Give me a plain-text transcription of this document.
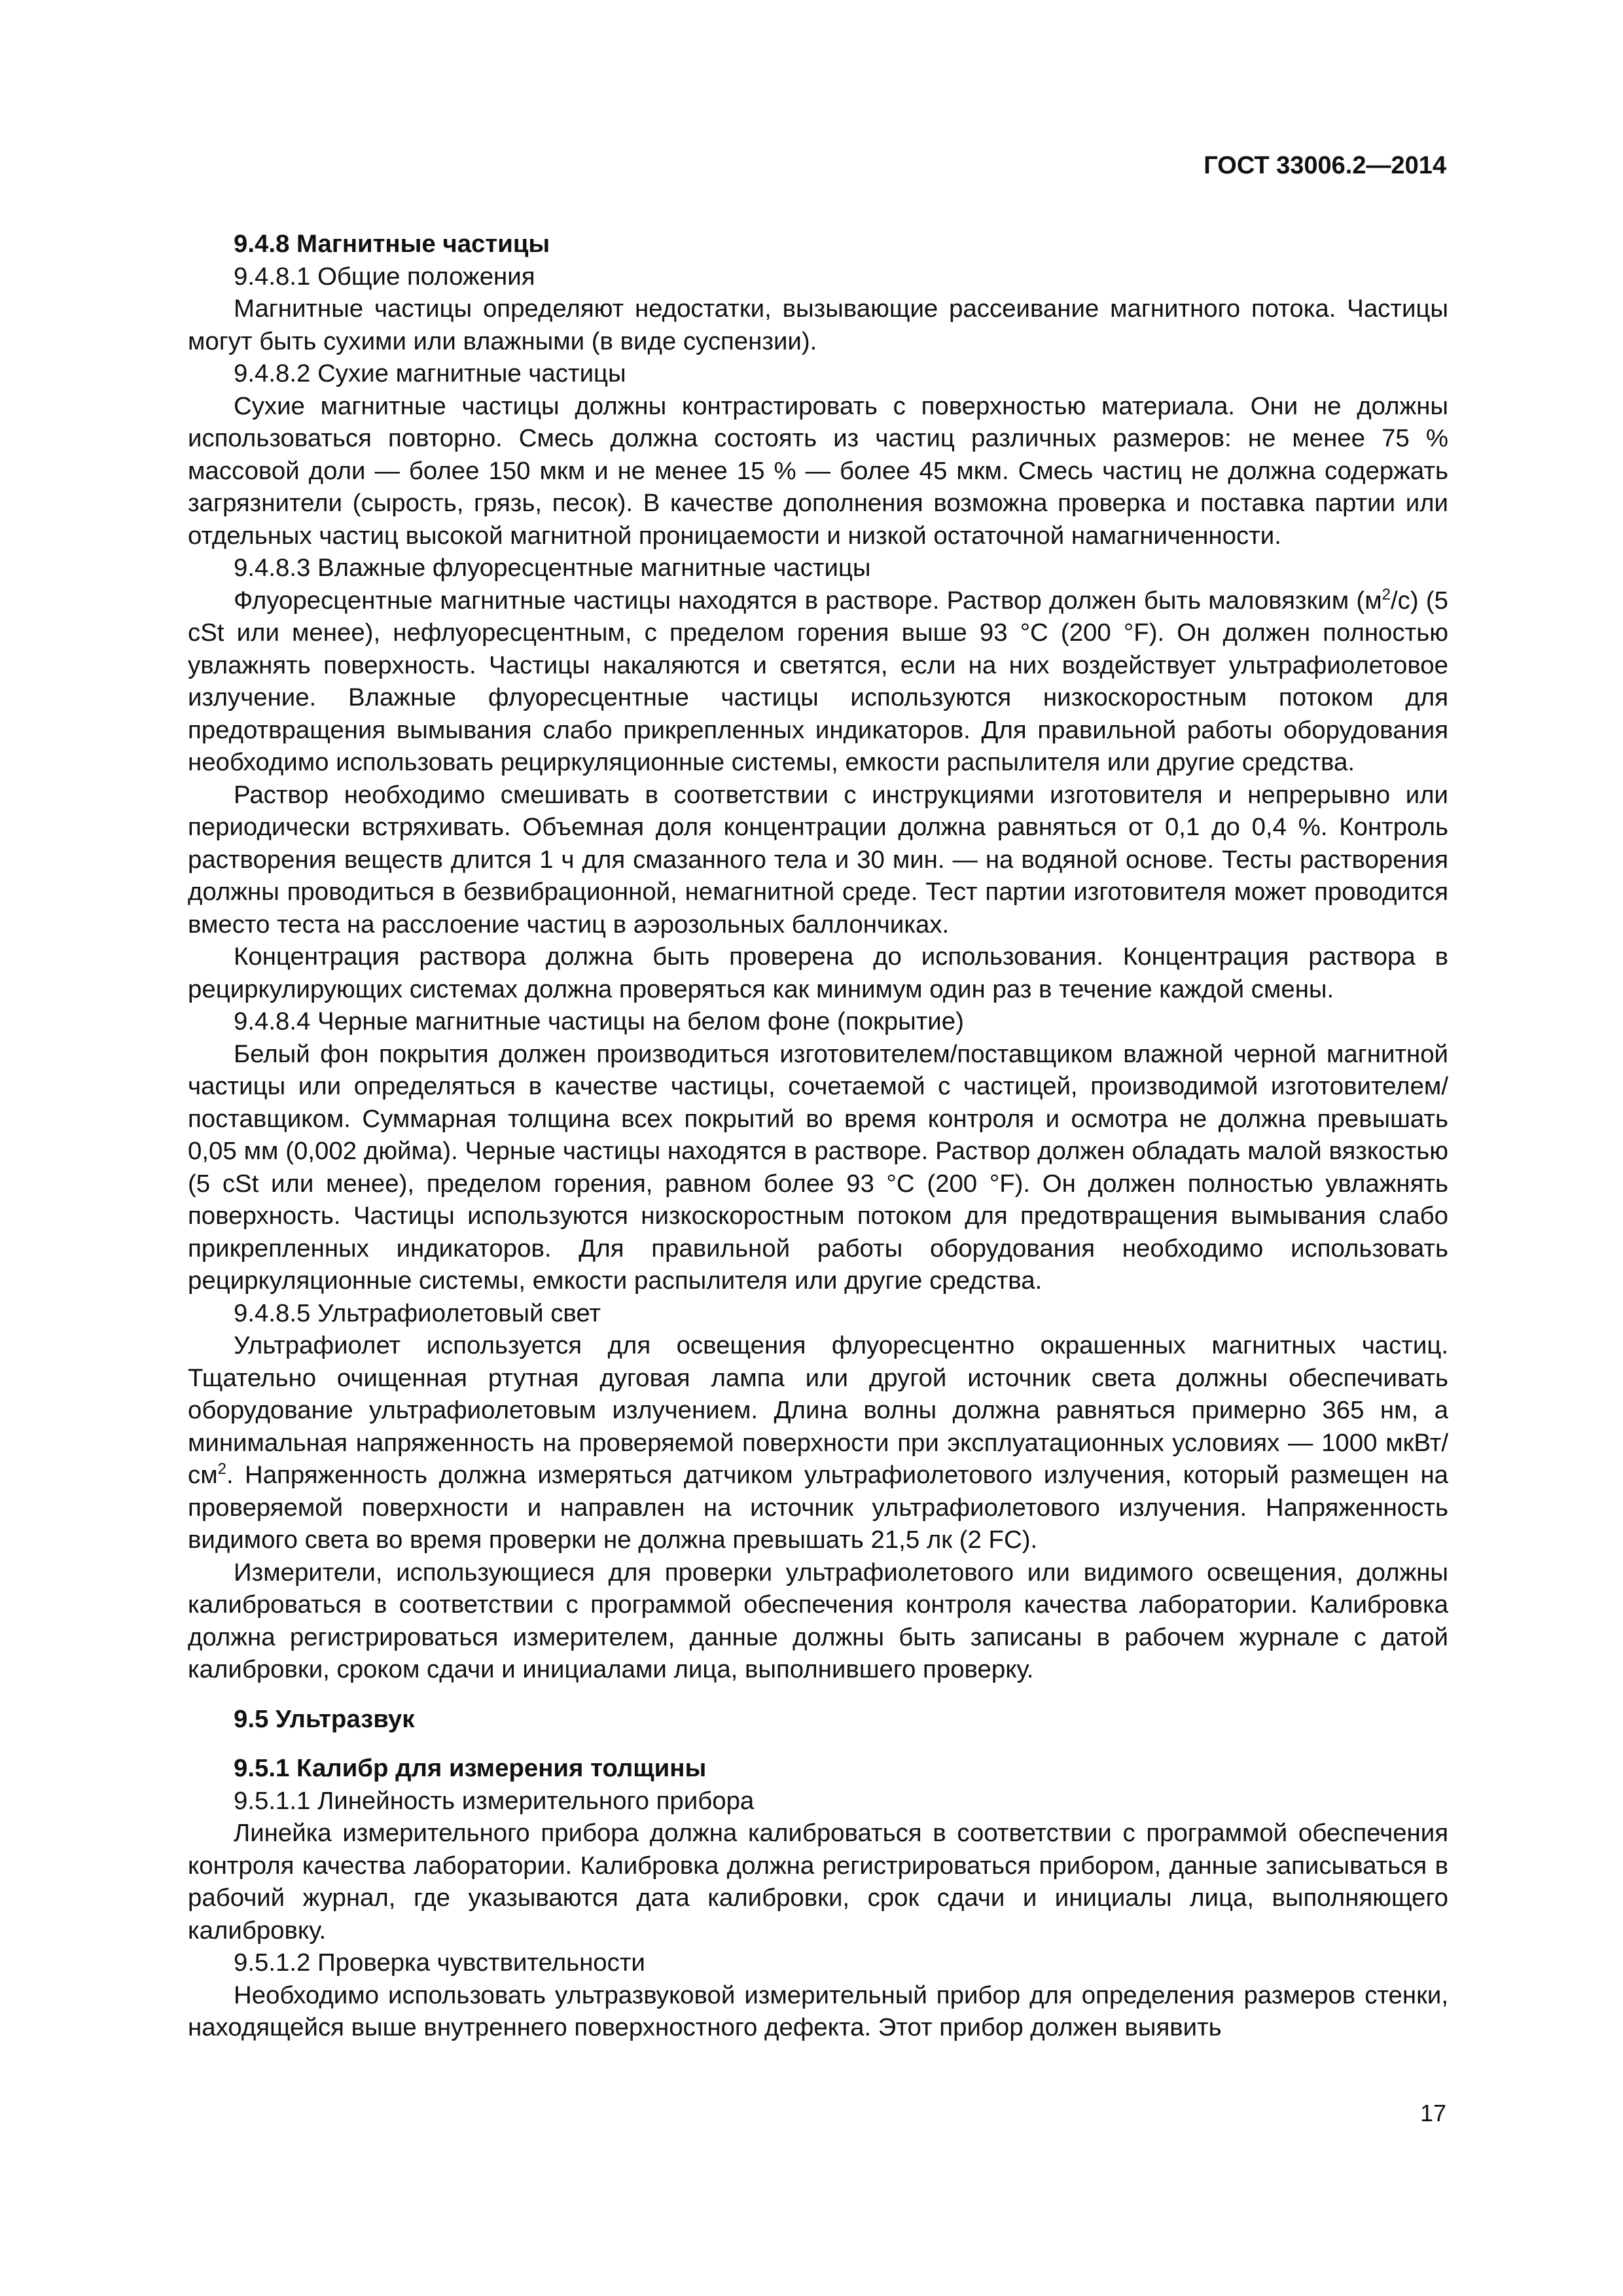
ГОСТ 33006.2—2014

9.4.8 Магнитные частицы

9.4.8.1 Общие положения

Магнитные частицы определяют недостатки, вызывающие рассеивание магнитного потока. Частицы могут быть сухими или влажными (в виде суспензии).

9.4.8.2 Сухие магнитные частицы

Сухие магнитные частицы должны контрастировать с поверхностью материала. Они не должны использоваться повторно. Смесь должна состоять из частиц различных размеров: не менее 75 % массовой доли — более 150 мкм и не менее 15 % — более 45 мкм. Смесь частиц не должна содержать загрязнители (сырость, грязь, песок). В качестве дополнения возможна проверка и поставка партии или отдельных частиц высокой магнитной проницаемости и низкой остаточной намагниченности.

9.4.8.3 Влажные флуоресцентные магнитные частицы

Флуоресцентные магнитные частицы находятся в растворе. Раствор должен быть маловязким $(м^2/с)$ (5 cSt или менее), нефлуоресцентным, с пределом горения выше 93 °С (200 °F). Он должен полностью увлажнять поверхность. Частицы накаляются и светятся, если на них воздействует ультрафиолетовое излучение. Влажные флуоресцентные частицы используются низкоскоростным потоком для предотвращения вымывания слабо прикрепленных индикаторов. Для правильной работы оборудования необходимо использовать рециркуляционные системы, емкости распылителя или другие средства.

Раствор необходимо смешивать в соответствии с инструкциями изготовителя и непрерывно или периодически встряхивать. Объемная доля концентрации должна равняться от 0,1 до 0,4 %. Контроль растворения веществ длится 1 ч для смазанного тела и 30 мин. — на водяной основе. Тесты растворения должны проводиться в безвибрационной, немагнитной среде. Тест партии изготовителя может проводится вместо теста на расслоение частиц в аэрозольных баллончиках.

Концентрация раствора должна быть проверена до использования. Концентрация раствора в рециркулирующих системах должна проверяться как минимум один раз в течение каждой смены.

9.4.8.4 Черные магнитные частицы на белом фоне (покрытие)

Белый фон покрытия должен производиться изготовителем/поставщиком влажной черной магнитной частицы или определяться в качестве частицы, сочетаемой с частицей, производимой изготовителем/поставщиком. Суммарная толщина всех покрытий во время контроля и осмотра не должна превышать 0,05 мм (0,002 дюйма). Черные частицы находятся в растворе. Раствор должен обладать малой вязкостью (5 cSt или менее), пределом горения, равном более 93 °С (200 °F). Он должен полностью увлажнять поверхность. Частицы используются низкоскоростным потоком для предотвращения вымывания слабо прикрепленных индикаторов. Для правильной работы оборудования необходимо использовать рециркуляционные системы, емкости распылителя или другие средства.

9.4.8.5 Ультрафиолетовый свет

Ультрафиолет используется для освещения флуоресцентно окрашенных магнитных частиц. Тщательно очищенная ртутная дуговая лампа или другой источник света должны обеспечивать оборудование ультрафиолетовым излучением. Длина волны должна равняться примерно 365 нм, а минимальная напряженность на проверяемой поверхности при эксплуатационных условиях — 1000 мкВт/$см^2$. Напряженность должна измеряться датчиком ультрафиолетового излучения, который размещен на проверяемой поверхности и направлен на источник ультрафиолетового излучения. Напряженность видимого света во время проверки не должна превышать 21,5 лк (2 FC).

Измерители, использующиеся для проверки ультрафиолетового или видимого освещения, должны калиброваться в соответствии с программой обеспечения контроля качества лаборатории. Калибровка должна регистрироваться измерителем, данные должны быть записаны в рабочем журнале с датой калибровки, сроком сдачи и инициалами лица, выполнившего проверку.

9.5 Ультразвук

9.5.1 Калибр для измерения толщины

9.5.1.1 Линейность измерительного прибора

Линейка измерительного прибора должна калиброваться в соответствии с программой обеспечения контроля качества лаборатории. Калибровка должна регистрироваться прибором, данные записываться в рабочий журнал, где указываются дата калибровки, срок сдачи и инициалы лица, выполняющего калибровку.

9.5.1.2 Проверка чувствительности

Необходимо использовать ультразвуковой измерительный прибор для определения размеров стенки, находящейся выше внутреннего поверхностного дефекта. Этот прибор должен выявить

17
